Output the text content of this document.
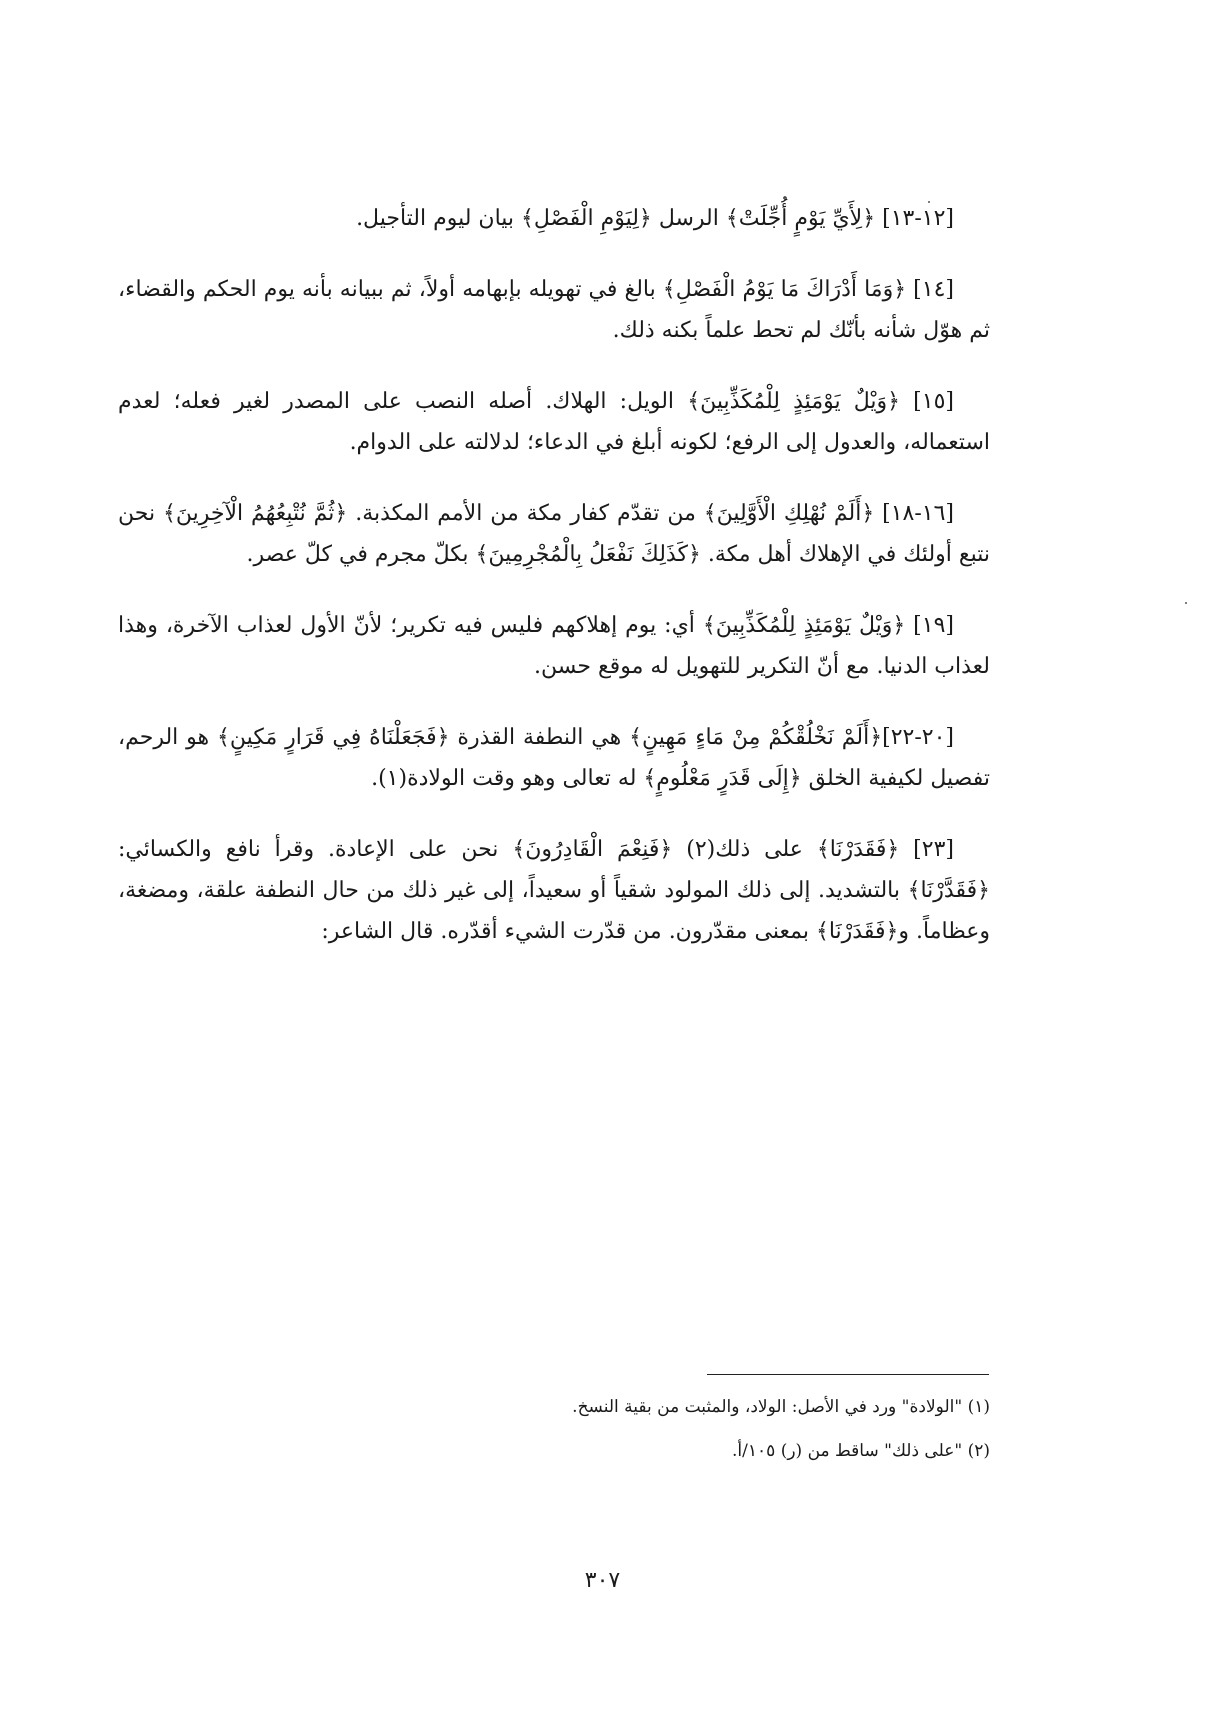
[١٢-١٣] ﴿لِأَيِّ يَوْمٍ أُجِّلَتْ﴾ الرسل ﴿لِيَوْمِ الْفَصْلِ﴾ بيان ليوم التأجيل.

[١٤] ﴿وَمَا أَدْرَاكَ مَا يَوْمُ الْفَصْلِ﴾ بالغ في تهويله بإبهامه أولاً، ثم ببيانه بأنه يوم الحكم والقضاء، ثم هوّل شأنه بأنّك لم تحط علماً بكنه ذلك.

[١٥] ﴿وَيْلٌ يَوْمَئِذٍ لِلْمُكَذِّبِينَ﴾ الويل: الهلاك. أصله النصب على المصدر لغير فعله؛ لعدم استعماله، والعدول إلى الرفع؛ لكونه أبلغ في الدعاء؛ لدلالته على الدوام.

[١٦-١٨] ﴿أَلَمْ نُهْلِكِ الْأَوَّلِينَ﴾ من تقدّم كفار مكة من الأمم المكذبة. ﴿ثُمَّ نُتْبِعُهُمُ الْآخِرِينَ﴾ نحن نتبع أولئك في الإهلاك أهل مكة. ﴿كَذَلِكَ نَفْعَلُ بِالْمُجْرِمِينَ﴾ بكلّ مجرم في كلّ عصر.

[١٩] ﴿وَيْلٌ يَوْمَئِذٍ لِلْمُكَذِّبِينَ﴾ أي: يوم إهلاكهم فليس فيه تكرير؛ لأنّ الأول لعذاب الآخرة، وهذا لعذاب الدنيا. مع أنّ التكرير للتهويل له موقع حسن.

[٢٠-٢٢]﴿أَلَمْ نَخْلُقْكُمْ مِنْ مَاءٍ مَهِينٍ﴾ هي النطفة القذرة ﴿فَجَعَلْنَاهُ فِي قَرَارٍ مَكِينٍ﴾ هو الرحم، تفصيل لكيفية الخلق ﴿إِلَى قَدَرٍ مَعْلُومٍ﴾ له تعالى وهو وقت الولادة(١).

[٢٣] ﴿فَقَدَرْنَا﴾ على ذلك(٢) ﴿فَنِعْمَ الْقَادِرُونَ﴾ نحن على الإعادة. وقرأ نافع والكسائي:﴿فَقَدَّرْنَا﴾ بالتشديد. إلى ذلك المولود شقياً أو سعيداً، إلى غير ذلك من حال النطفة علقة، ومضغة، وعظاماً. و﴿فَقَدَرْنَا﴾ بمعنى مقدّرون. من قدّرت الشيء أقدّره. قال الشاعر:

(١) "الولادة" ورد في الأصل: الولاد، والمثبت من بقية النسخ.

(٢) "على ذلك" ساقط من (ر) ١٠٥/أ.

٣٠٧
